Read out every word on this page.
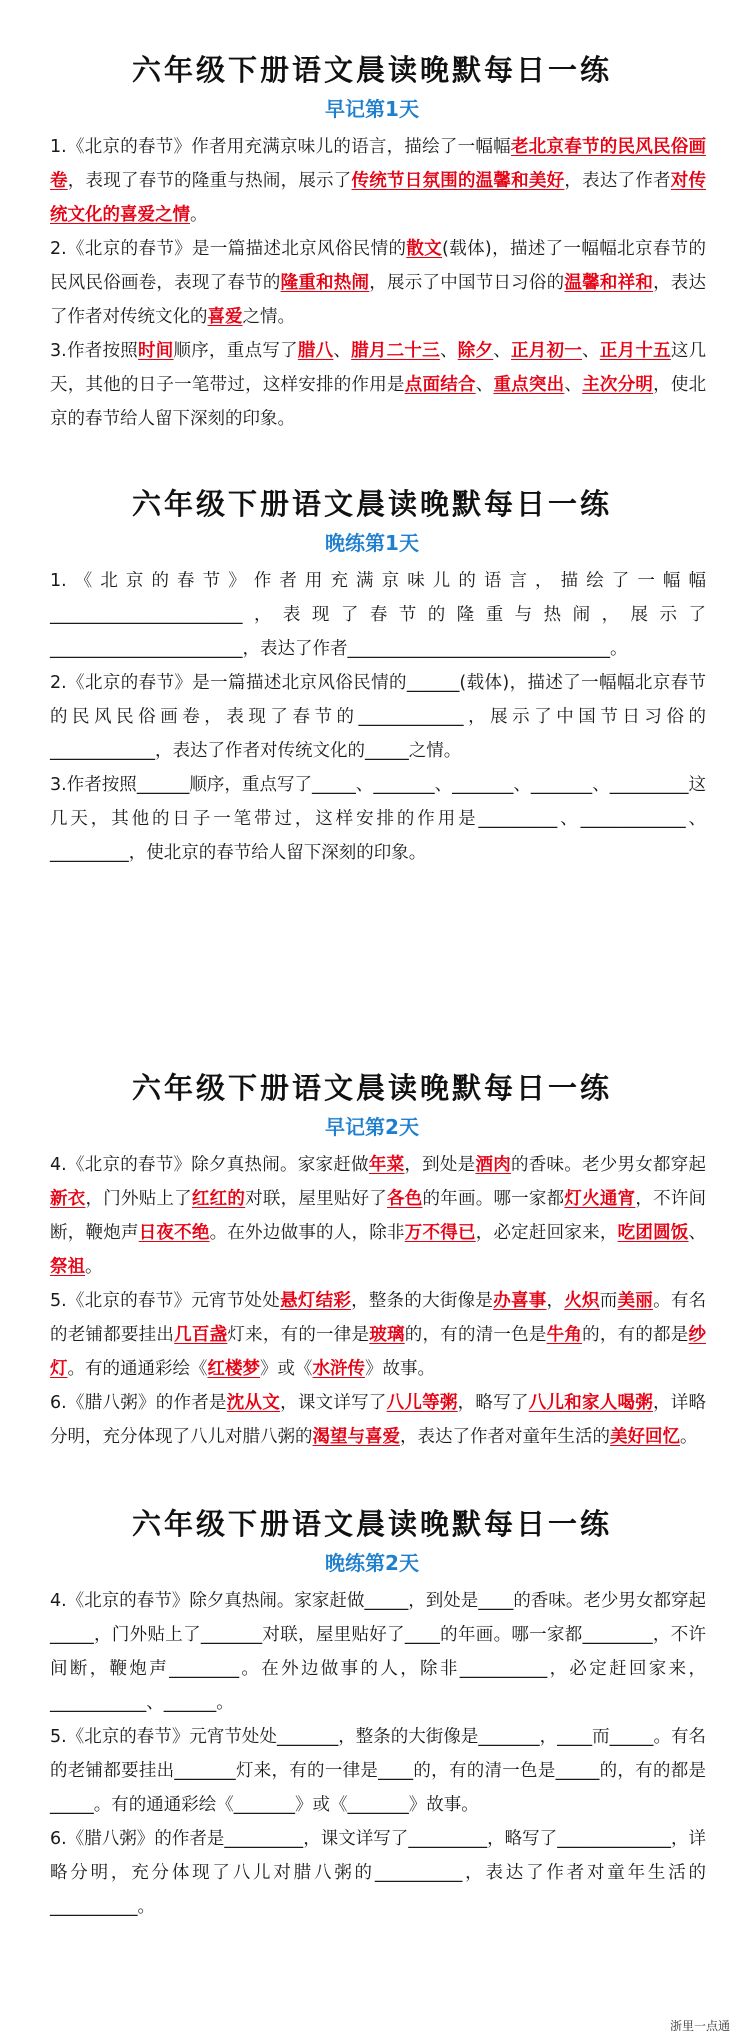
六年级下册语文晨读晚默每日一练
早记第1天
1.《北京的春节》作者用充满京味儿的语言，描绘了一幅幅老北京春节的民风民俗画卷，表现了春节的隆重与热闹，展示了传统节日氛围的温馨和美好，表达了作者对传统文化的喜爱之情。
2.《北京的春节》是一篇描述北京风俗民情的散文(载体)，描述了一幅幅北京春节的民风民俗画卷，表现了春节的隆重和热闹，展示了中国节日习俗的温馨和祥和，表达了作者对传统文化的喜爱之情。
3.作者按照时间顺序，重点写了腊八、腊月二十三、除夕、正月初一、正月十五这几天，其他的日子一笔带过，这样安排的作用是点面结合、重点突出、主次分明，使北京的春节给人留下深刻的印象。
六年级下册语文晨读晚默每日一练
晚练第1天
1.《北京的春节》作者用充满京味儿的语言，描绘了一幅幅______________________，表现了春节的隆重与热闹，展示了______________________，表达了作者______________________________。
2.《北京的春节》是一篇描述北京风俗民情的______(载体)，描述了一幅幅北京春节的民风民俗画卷，表现了春节的____________，展示了中国节日习俗的____________，表达了作者对传统文化的_____之情。
3.作者按照______顺序，重点写了_____、_______、_______、_______、_________这几天，其他的日子一笔带过，这样安排的作用是_________、____________、_________，使北京的春节给人留下深刻的印象。
六年级下册语文晨读晚默每日一练
早记第2天
4.《北京的春节》除夕真热闹。家家赶做年菜，到处是酒肉的香味。老少男女都穿起新衣，门外贴上了红红的对联，屋里贴好了各色的年画。哪一家都灯火通宵，不许间断，鞭炮声日夜不绝。在外边做事的人，除非万不得已，必定赶回家来，吃团圆饭、祭祖。
5.《北京的春节》元宵节处处悬灯结彩，整条的大街像是办喜事，火炽而美丽。有名的老铺都要挂出几百盏灯来，有的一律是玻璃的，有的清一色是牛角的，有的都是纱灯。有的通通彩绘《红楼梦》或《水浒传》故事。
6.《腊八粥》的作者是沈从文，课文详写了八儿等粥，略写了八儿和家人喝粥，详略分明，充分体现了八儿对腊八粥的渴望与喜爱，表达了作者对童年生活的美好回忆。
六年级下册语文晨读晚默每日一练
晚练第2天
4.《北京的春节》除夕真热闹。家家赶做_____，到处是____的香味。老少男女都穿起_____，门外贴上了_______对联，屋里贴好了____的年画。哪一家都________，不许间断，鞭炮声________。在外边做事的人，除非__________，必定赶回家来，___________、______。
5.《北京的春节》元宵节处处_______，整条的大街像是_______，____而_____。有名的老铺都要挂出_______灯来，有的一律是____的，有的清一色是_____的，有的都是_____。有的通通彩绘《_______》或《_______》故事。
6.《腊八粥》的作者是_________，课文详写了_________，略写了_____________，详略分明，充分体现了八儿对腊八粥的__________，表达了作者对童年生活的__________。
浙里一点通
